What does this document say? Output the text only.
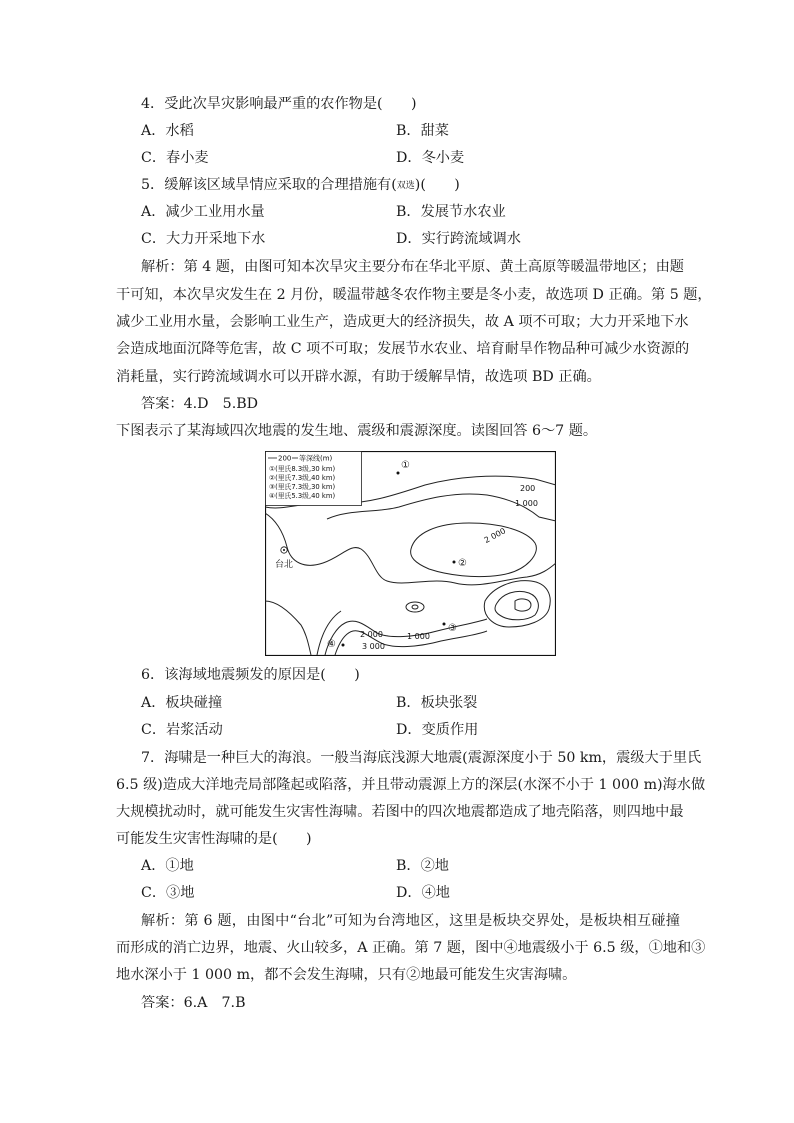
4．受此次旱灾影响最严重的农作物是(　　)
A．水稻	B．甜菜
C．春小麦	D．冬小麦
5．缓解该区域旱情应采取的合理措施有(双选)(　　)
A．减少工业用水量	B．发展节水农业
C．大力开采地下水	D．实行跨流域调水
解析：第 4 题，由图可知本次旱灾主要分布在华北平原、黄土高原等暖温带地区；由题
干可知，本次旱灾发生在 2 月份，暖温带越冬农作物主要是冬小麦，故选项 D 正确。第 5 题，
减少工业用水量，会影响工业生产，造成更大的经济损失，故 A 项不可取；大力开采地下水
会造成地面沉降等危害，故 C 项不可取；发展节水农业、培育耐旱作物品种可减少水资源的
消耗量，实行跨流域调水可以开辟水源，有助于缓解旱情，故选项 BD 正确。
答案：4.D　5.BD
下图表示了某海域四次地震的发生地、震级和震源深度。读图回答 6～7 题。
200 等深线(m)
①(里氏8.3级,30 km)
②(里氏7.3级,40 km)
③(里氏7.3级,30 km)
④(里氏5.3级,40 km)
台北
200
1 000
2 000
1 000
2 000
3 000
①
②
③
④
6．该海域地震频发的原因是(　　)
A．板块碰撞	B．板块张裂
C．岩浆活动	D．变质作用
7．海啸是一种巨大的海浪。一般当海底浅源大地震(震源深度小于 50 km，震级大于里氏
6.5 级)造成大洋地壳局部隆起或陷落，并且带动震源上方的深层(水深不小于 1 000 m)海水做
大规模扰动时，就可能发生灾害性海啸。若图中的四次地震都造成了地壳陷落，则四地中最
可能发生灾害性海啸的是(　　)
A．①地	B．②地
C．③地	D．④地
解析：第 6 题，由图中“台北”可知为台湾地区，这里是板块交界处，是板块相互碰撞
而形成的消亡边界，地震、火山较多，A 正确。第 7 题，图中④地震级小于 6.5 级，①地和③
地水深小于 1 000 m，都不会发生海啸，只有②地最可能发生灾害海啸。
答案：6.A　7.B
